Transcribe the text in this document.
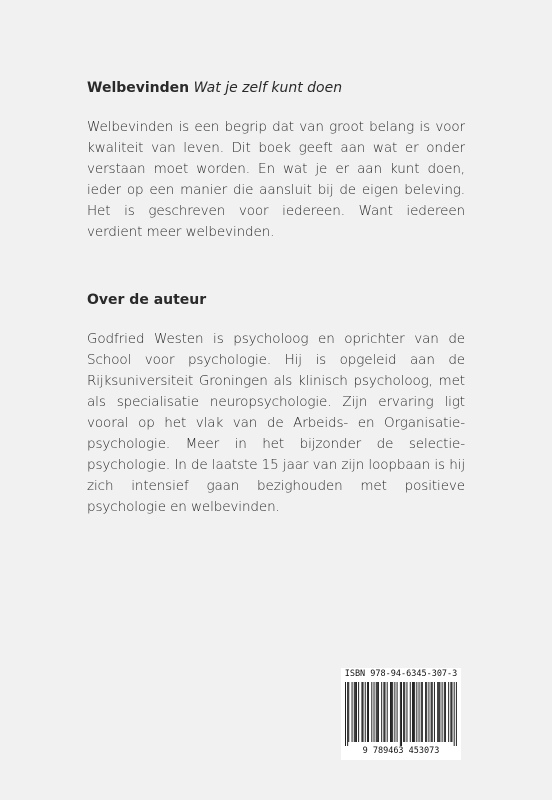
Welbevinden Wat je zelf kunt doen

Welbevinden is een begrip dat van groot belang is voor kwaliteit van leven. Dit boek geeft aan wat er onder verstaan moet worden. En wat je er aan kunt doen, ieder op een manier die aansluit bij de eigen beleving. Het is geschreven voor iedereen. Want iedereen verdient meer welbevinden.

Over de auteur

Godfried Westen is psycholoog en oprichter van de School voor psychologie. Hij is opgeleid aan de Rijksuniversiteit Groningen als klinisch psycholoog, met als specialisatie neuropsychologie. Zijn ervaring ligt vooral op het vlak van de Arbeids- en Organisatie-psychologie. Meer in het bijzonder de selectie-psychologie. In de laatste 15 jaar van zijn loopbaan is hij zich intensief gaan bezighouden met positieve psychologie en welbevinden.

ISBN 978-94-6345-307-3
9 789463 453073
